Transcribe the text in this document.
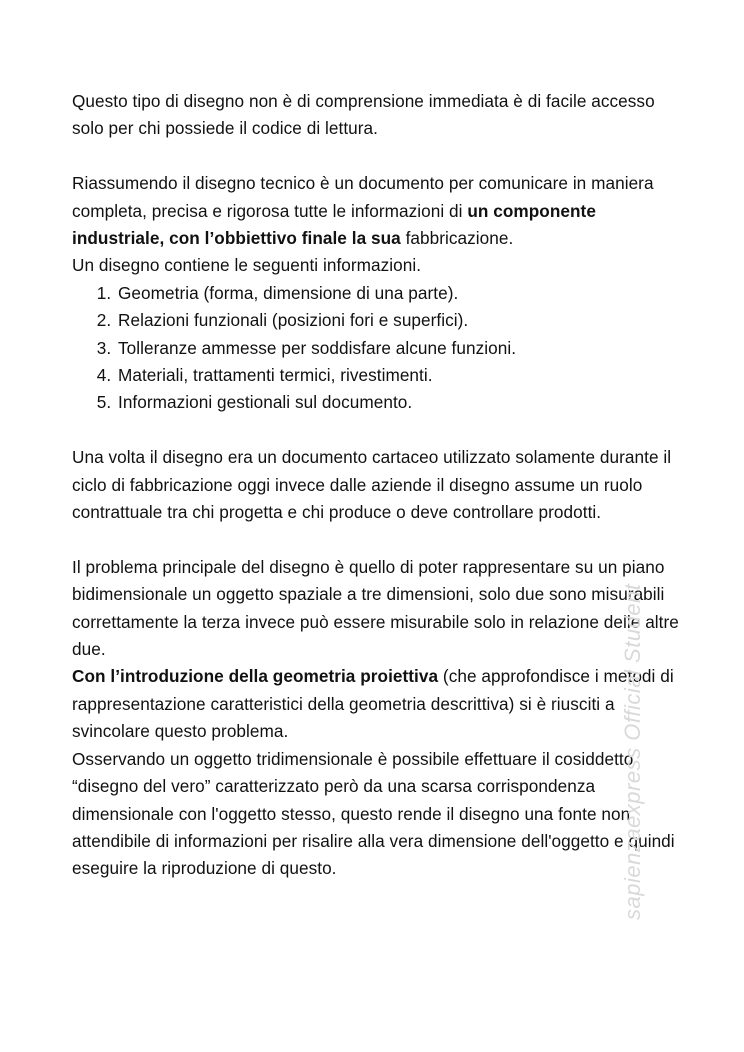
Questo tipo di disegno non è di comprensione immediata è di facile accesso solo per chi possiede il codice di lettura.

Riassumendo il disegno tecnico è un documento per comunicare in maniera completa, precisa e rigorosa tutte le informazioni di un componente industriale, con l’obbiettivo finale la sua fabbricazione.

Un disegno contiene le seguenti informazioni.

1. Geometria (forma, dimensione di una parte).
2. Relazioni funzionali (posizioni fori e superfici).
3. Tolleranze ammesse per soddisfare alcune funzioni.
4. Materiali, trattamenti termici, rivestimenti.
5. Informazioni gestionali sul documento.

Una volta il disegno era un documento cartaceo utilizzato solamente durante il ciclo di fabbricazione oggi invece dalle aziende il disegno assume un ruolo contrattuale tra chi progetta e chi produce o deve controllare prodotti.

Il problema principale del disegno è quello di poter rappresentare su un piano bidimensionale un oggetto spaziale a tre dimensioni, solo due sono misurabili correttamente la terza invece può essere misurabile solo in relazione delle altre due.

Con l’introduzione della geometria proiettiva (che approfondisce i metodi di rappresentazione caratteristici della geometria descrittiva) si è riusciti a svincolare questo problema.

Osservando un oggetto tridimensionale è possibile effettuare il cosiddetto “disegno del vero” caratterizzato però da una scarsa corrispondenza dimensionale con l'oggetto stesso, questo rende il disegno una fonte non attendibile di informazioni per risalire alla vera dimensione dell'oggetto e quindi eseguire la riproduzione di questo.	sapienzaexpress Official Student
